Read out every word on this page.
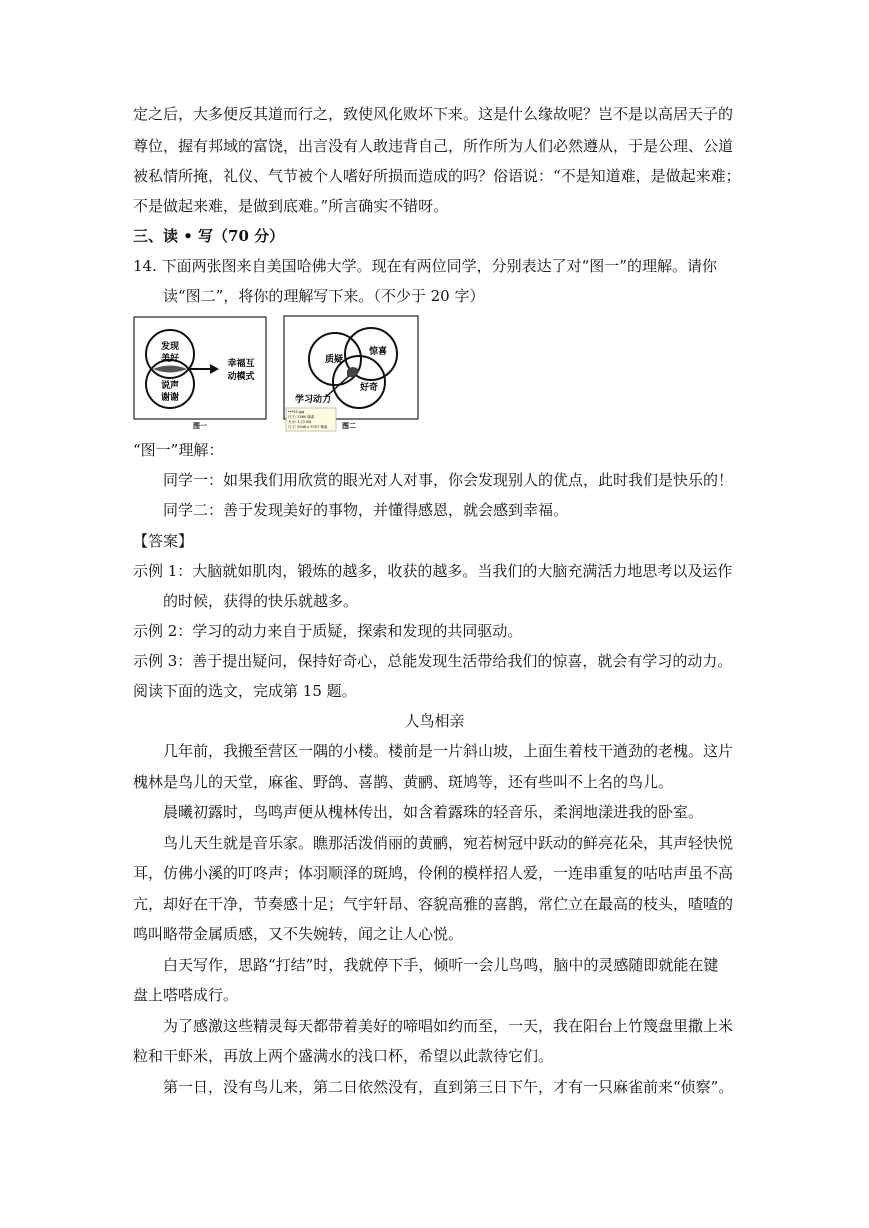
定之后，大多便反其道而行之，致使风化败坏下来。这是什么缘故呢？岂不是以高居天子的
尊位，握有邦域的富饶，出言没有人敢违背自己，所作所为人们必然遵从，于是公理、公道
被私情所掩，礼仪、气节被个人嗜好所损而造成的吗？俗语说：“不是知道难，是做起来难；
不是做起来难，是做到底难。”所言确实不错呀。
三、读 • 写（70 分）
14. 下面两张图来自美国哈佛大学。现在有两位同学，分别表达了对“图一”的理解。请你
读“图二”，将你的理解写下来。（不少于 20 字）
发现
美好
说声
谢谢
幸福互
动模式
图一
质疑
惊喜
好奇
学习动力
图二
***55.jpg
尺寸: 2560 像素
大小: 3.72 KB
尺寸: 5048 x 5707 像素
“图一”理解：
同学一：如果我们用欣赏的眼光对人对事，你会发现别人的优点，此时我们是快乐的！
同学二：善于发现美好的事物，并懂得感恩，就会感到幸福。
【答案】
示例 1：大脑就如肌肉，锻炼的越多，收获的越多。当我们的大脑充满活力地思考以及运作
的时候，获得的快乐就越多。
示例 2：学习的动力来自于质疑，探索和发现的共同驱动。
示例 3：善于提出疑问，保持好奇心，总能发现生活带给我们的惊喜，就会有学习的动力。
阅读下面的选文，完成第 15 题。
人鸟相亲
几年前，我搬至营区一隅的小楼。楼前是一片斜山坡，上面生着枝干遒劲的老槐。这片
槐林是鸟儿的天堂，麻雀、野鸽、喜鹊、黄鹂、斑鸠等，还有些叫不上名的鸟儿。
晨曦初露时，鸟鸣声便从槐林传出，如含着露珠的轻音乐，柔润地漾进我的卧室。
鸟儿天生就是音乐家。瞧那活泼俏丽的黄鹂，宛若树冠中跃动的鲜亮花朵，其声轻快悦
耳，仿佛小溪的叮咚声；体羽顺泽的斑鸠，伶俐的模样招人爱，一连串重复的咕咕声虽不高
亢，却好在干净，节奏感十足；气宇轩昂、容貌高雅的喜鹊，常伫立在最高的枝头，喳喳的
鸣叫略带金属质感，又不失婉转，闻之让人心悦。
白天写作，思路“打结”时，我就停下手，倾听一会儿鸟鸣，脑中的灵感随即就能在键
盘上嗒嗒成行。
为了感激这些精灵每天都带着美好的啼唱如约而至，一天，我在阳台上竹篾盘里撒上米
粒和干虾米，再放上两个盛满水的浅口杯，希望以此款待它们。
第一日，没有鸟儿来，第二日依然没有，直到第三日下午，才有一只麻雀前来“侦察”。
